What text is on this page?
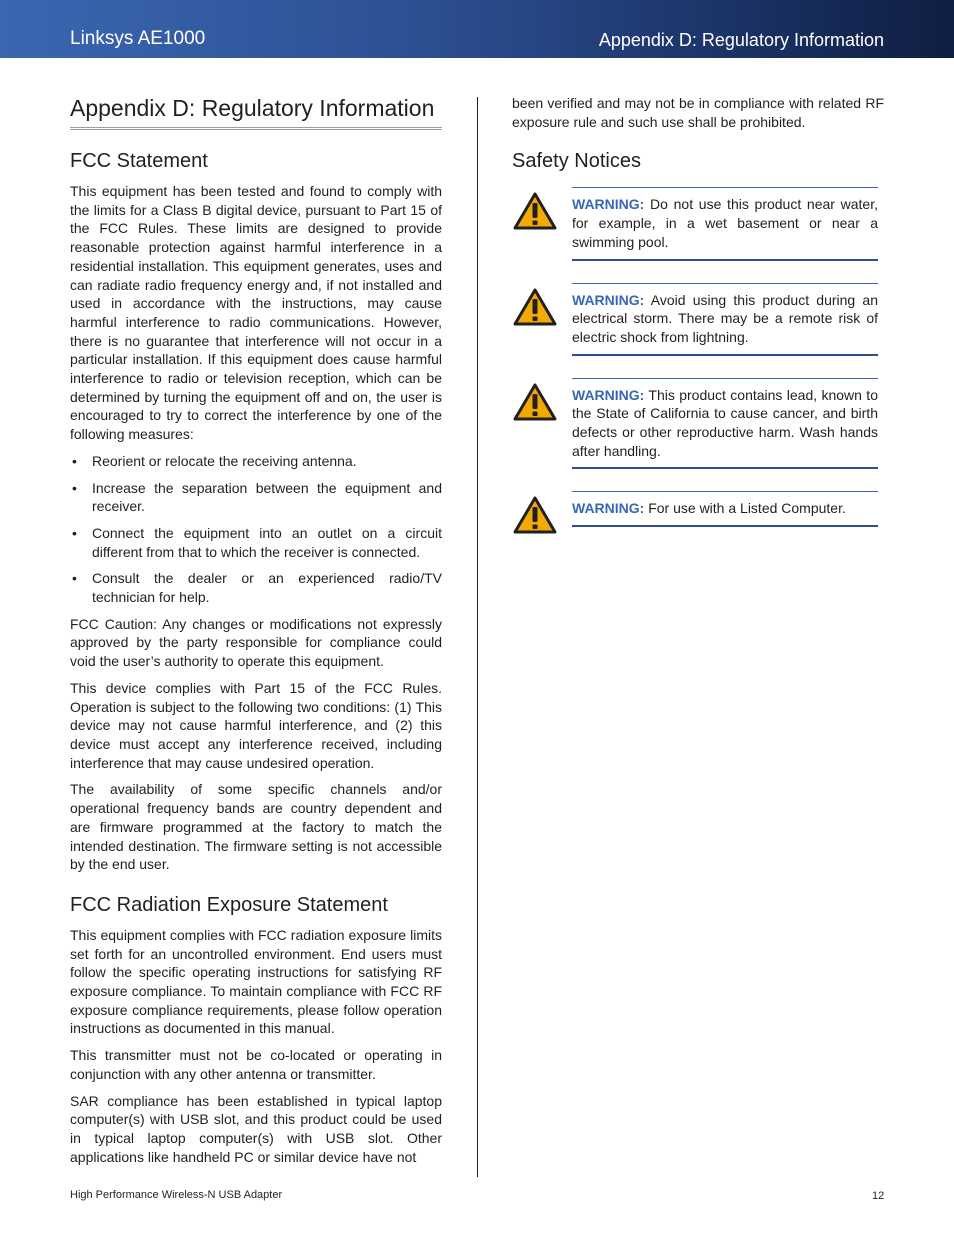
Linksys AE1000	Appendix D: Regulatory Information
Appendix D: Regulatory Information
FCC Statement

This equipment has been tested and found to comply with the limits for a Class B digital device, pursuant to Part 15 of the FCC Rules. These limits are designed to provide reasonable protection against harmful interference in a residential installation. This equipment generates, uses and can radiate radio frequency energy and, if not installed and used in accordance with the instructions, may cause harmful interference to radio communications. However, there is no guarantee that interference will not occur in a particular installation. If this equipment does cause harmful interference to radio or television reception, which can be determined by turning the equipment off and on, the user is encouraged to try to correct the interference by one of the following measures:

• Reorient or relocate the receiving antenna.
• Increase the separation between the equipment and receiver.
• Connect the equipment into an outlet on a circuit different from that to which the receiver is connected.
• Consult the dealer or an experienced radio/TV technician for help.

FCC Caution: Any changes or modifications not expressly approved by the party responsible for compliance could void the user’s authority to operate this equipment.

This device complies with Part 15 of the FCC Rules. Operation is subject to the following two conditions: (1) This device may not cause harmful interference, and (2) this device must accept any interference received, including interference that may cause undesired operation.

The availability of some specific channels and/or operational frequency bands are country dependent and are firmware programmed at the factory to match the intended destination. The firmware setting is not accessible by the end user.

FCC Radiation Exposure Statement

This equipment complies with FCC radiation exposure limits set forth for an uncontrolled environment. End users must follow the specific operating instructions for satisfying RF exposure compliance. To maintain compliance with FCC RF exposure compliance requirements, please follow operation instructions as documented in this manual.

This transmitter must not be co-located or operating in conjunction with any other antenna or transmitter.

SAR compliance has been established in typical laptop computer(s) with USB slot, and this product could be used in typical laptop computer(s) with USB slot. Other applications like handheld PC or similar device have not

been verified and may not be in compliance with related RF exposure rule and such use shall be prohibited.

Safety Notices

WARNING: Do not use this product near water, for example, in a wet basement or near a swimming pool.

WARNING: Avoid using this product during an electrical storm. There may be a remote risk of electric shock from lightning.

WARNING: This product contains lead, known to the State of California to cause cancer, and birth defects or other reproductive harm. Wash hands after handling.

WARNING: For use with a Listed Computer.

High Performance Wireless-N USB Adapter	12
